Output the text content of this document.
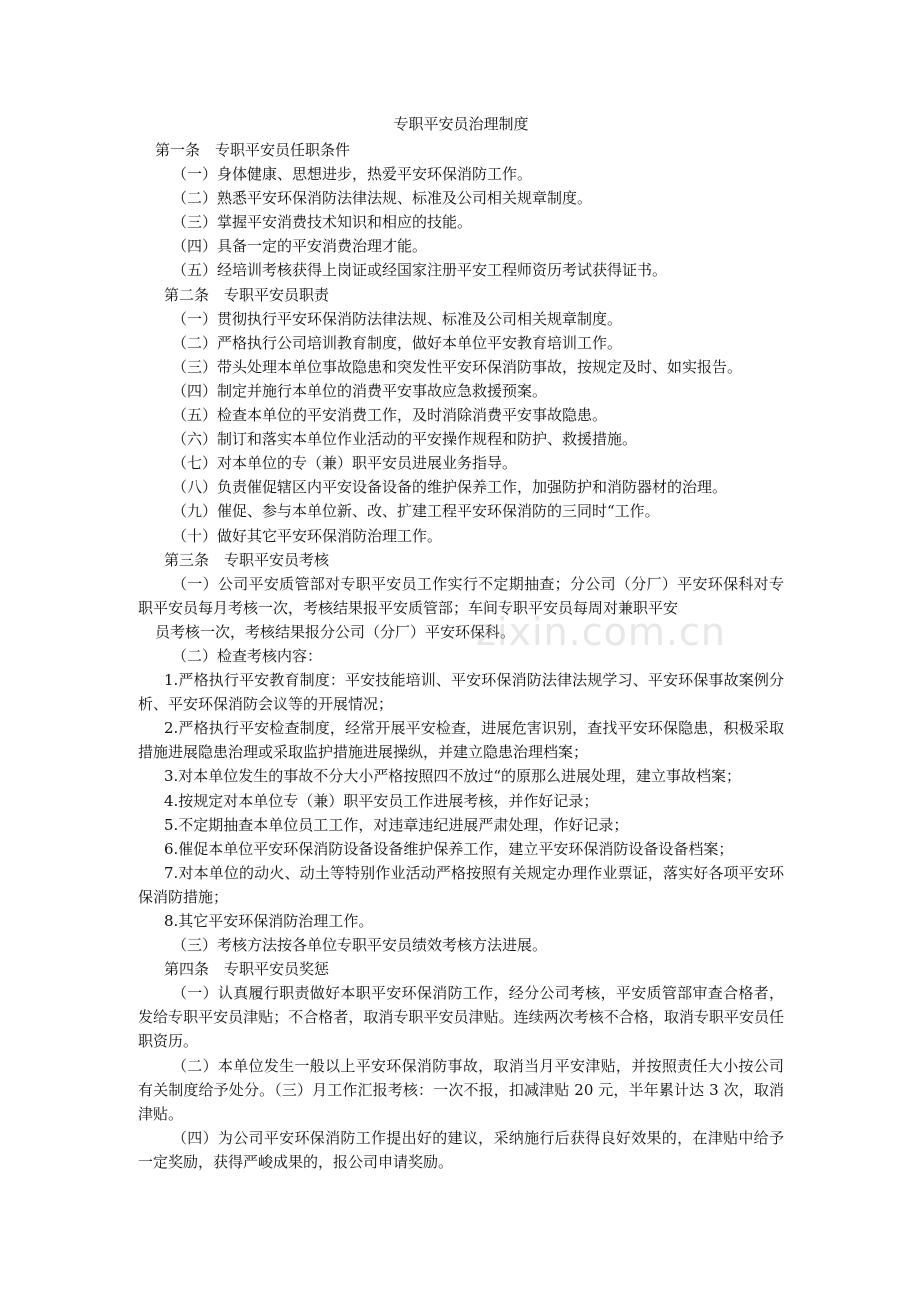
专职平安员治理制度
第一条　专职平安员任职条件
（一）身体健康、思想进步，热爱平安环保消防工作。
（二）熟悉平安环保消防法律法规、标准及公司相关规章制度。
（三）掌握平安消费技术知识和相应的技能。
（四）具备一定的平安消费治理才能。
（五）经培训考核获得上岗证或经国家注册平安工程师资历考试获得证书。
第二条　专职平安员职责
（一）贯彻执行平安环保消防法律法规、标准及公司相关规章制度。
（二）严格执行公司培训教育制度，做好本单位平安教育培训工作。
（三）带头处理本单位事故隐患和突发性平安环保消防事故，按规定及时、如实报告。
（四）制定并施行本单位的消费平安事故应急救援预案。
（五）检查本单位的平安消费工作，及时消除消费平安事故隐患。
（六）制订和落实本单位作业活动的平安操作规程和防护、救援措施。
（七）对本单位的专（兼）职平安员进展业务指导。
（八）负责催促辖区内平安设备设备的维护保养工作，加强防护和消防器材的治理。
（九）催促、参与本单位新、改、扩建工程平安环保消防的三同时“工作。
（十）做好其它平安环保消防治理工作。
第三条　专职平安员考核
（一）公司平安质管部对专职平安员工作实行不定期抽查；分公司（分厂）平安环保科对专职平安员每月考核一次，考核结果报平安质管部；车间专职平安员每周对兼职平安
员考核一次，考核结果报分公司（分厂）平安环保科。
（二）检查考核内容：
1.严格执行平安教育制度：平安技能培训、平安环保消防法律法规学习、平安环保事故案例分析、平安环保消防会议等的开展情况；
2.严格执行平安检查制度，经常开展平安检查，进展危害识别，查找平安环保隐患，积极采取措施进展隐患治理或采取监护措施进展操纵，并建立隐患治理档案；
3.对本单位发生的事故不分大小严格按照四不放过“的原那么进展处理，建立事故档案；
4.按规定对本单位专（兼）职平安员工作进展考核，并作好记录；
5.不定期抽查本单位员工工作，对违章违纪进展严肃处理，作好记录；
6.催促本单位平安环保消防设备设备维护保养工作，建立平安环保消防设备设备档案；
7.对本单位的动火、动土等特别作业活动严格按照有关规定办理作业票证，落实好各项平安环保消防措施；
8.其它平安环保消防治理工作。
（三）考核方法按各单位专职平安员绩效考核方法进展。
第四条　专职平安员奖惩
（一）认真履行职责做好本职平安环保消防工作，经分公司考核，平安质管部审查合格者，发给专职平安员津贴；不合格者，取消专职平安员津贴。连续两次考核不合格，取消专职平安员任职资历。
（二）本单位发生一般以上平安环保消防事故，取消当月平安津贴，并按照责任大小按公司有关制度给予处分。（三）月工作汇报考核：一次不报，扣减津贴 20 元，半年累计达 3 次，取消津贴。
（四）为公司平安环保消防工作提出好的建议，采纳施行后获得良好效果的，在津贴中给予一定奖励，获得严峻成果的，报公司申请奖励。
zixin.com.cn
